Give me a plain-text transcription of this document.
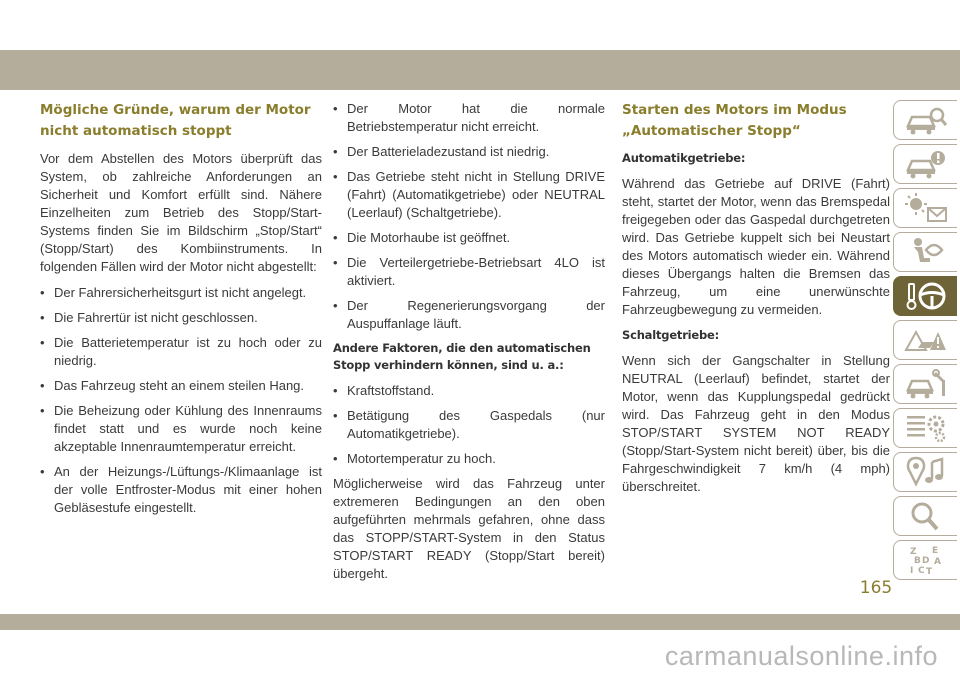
Mögliche Gründe, warum der Motor nicht automatisch stoppt

Vor dem Abstellen des Motors überprüft das System, ob zahlreiche Anforderungen an Sicherheit und Komfort erfüllt sind. Nähere Einzelheiten zum Betrieb des Stopp/Start-Systems finden Sie im Bildschirm „Stop/Start“ (Stopp/Start) des Kombiinstruments. In folgenden Fällen wird der Motor nicht abgestellt:

• Der Fahrersicherheitsgurt ist nicht angelegt.
• Die Fahrertür ist nicht geschlossen.
• Die Batterietemperatur ist zu hoch oder zu niedrig.
• Das Fahrzeug steht an einem steilen Hang.
• Die Beheizung oder Kühlung des Innenraums findet statt und es wurde noch keine akzeptable Innenraumtemperatur erreicht.
• An der Heizungs-/Lüftungs-/Klimaanlage ist der volle Entfroster-Modus mit einer hohen Gebläsestufe eingestellt.
• Der Motor hat die normale Betriebstemperatur nicht erreicht.
• Der Batterieladezustand ist niedrig.
• Das Getriebe steht nicht in Stellung DRIVE (Fahrt) (Automatikgetriebe) oder NEUTRAL (Leerlauf) (Schaltgetriebe).
• Die Motorhaube ist geöffnet.
• Die Verteilergetriebe-Betriebsart 4LO ist aktiviert.
• Der Regenerierungsvorgang der Auspuffanlage läuft.
Andere Faktoren, die den automatischen Stopp verhindern können, sind u. a.:
• Kraftstoffstand.
• Betätigung des Gaspedals (nur Automatikgetriebe).
• Motortemperatur zu hoch.

Möglicherweise wird das Fahrzeug unter extremeren Bedingungen an den oben aufgeführten mehrmals gefahren, ohne dass das STOPP/START-System in den Status STOP/START READY (Stopp/Start bereit) übergeht.

Starten des Motors im Modus „Automatischer Stopp“
Automatikgetriebe:

Während das Getriebe auf DRIVE (Fahrt) steht, startet der Motor, wenn das Bremspedal freigegeben oder das Gaspedal durchgetreten wird. Das Getriebe kuppelt sich bei Neustart des Motors automatisch wieder ein. Während dieses Übergangs halten die Bremsen das Fahrzeug, um eine unerwünschte Fahrzeugbewegung zu vermeiden.

Schaltgetriebe:

Wenn sich der Gangschalter in Stellung NEUTRAL (Leerlauf) befindet, startet der Motor, wenn das Kupplungspedal gedrückt wird. Das Fahrzeug geht in den Modus STOP/START SYSTEM NOT READY (Stopp/Start-System nicht bereit) über, bis die Fahrgeschwindigkeit 7 km/h (4 mph) überschreitet.

Z E
B A
I C T
D
165
carmanualsonline.info
